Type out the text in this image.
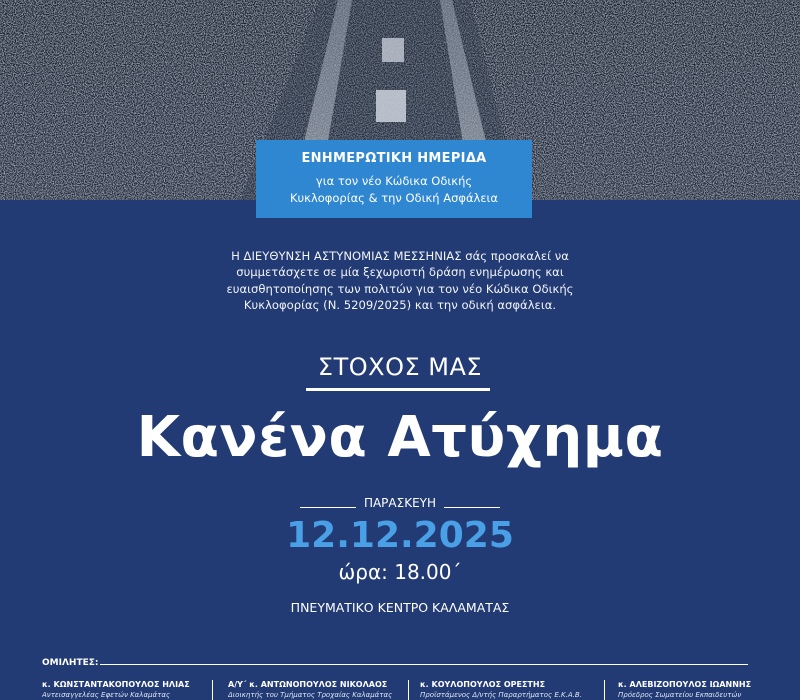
ΕΝΗΜΕΡΩΤΙΚΗ ΗΜΕΡΙΔΑ
για τον νέο Κώδικα Οδικής
Κυκλοφορίας & την Οδική Ασφάλεια
Η ΔΙΕΥΘΥΝΣΗ ΑΣΤΥΝΟΜΙΑΣ ΜΕΣΣΗΝΙΑΣ σάς προσκαλεί να
συμμετάσχετε σε μία ξεχωριστή δράση ενημέρωσης και
ευαισθητοποίησης των πολιτών για τον νέο Κώδικα Οδικής
Κυκλοφορίας (Ν. 5209/2025) και την οδική ασφάλεια.
ΣΤΟΧΟΣ ΜΑΣ
Κανένα Ατύχημα
ΠΑΡΑΣΚΕΥΗ
12.12.2025
ώρα: 18.00΄
ΠΝΕΥΜΑΤΙΚΟ ΚΕΝΤΡΟ ΚΑΛΑΜΑΤΑΣ
ΟΜΙΛΗΤΕΣ:
κ. ΚΩΝΣΤΑΝΤΑΚΟΠΟΥΛΟΣ ΗΛΙΑΣ
Αντεισαγγελέας Εφετών Καλαμάτας
Α/Υ΄ κ. ΑΝΤΩΝΟΠΟΥΛΟΣ ΝΙΚΟΛΑΟΣ
Διοικητής του Τμήματος Τροχαίας Καλαμάτας
κ. ΚΟΥΛΟΠΟΥΛΟΣ ΟΡΕΣΤΗΣ
Προϊστάμενος Δ/ντής Παραρτήματος Ε.Κ.Α.Β.
κ. ΑΛΕΒΙΖΟΠΟΥΛΟΣ ΙΩΑΝΝΗΣ
Πρόεδρος Σωματείου Εκπαιδευτών
